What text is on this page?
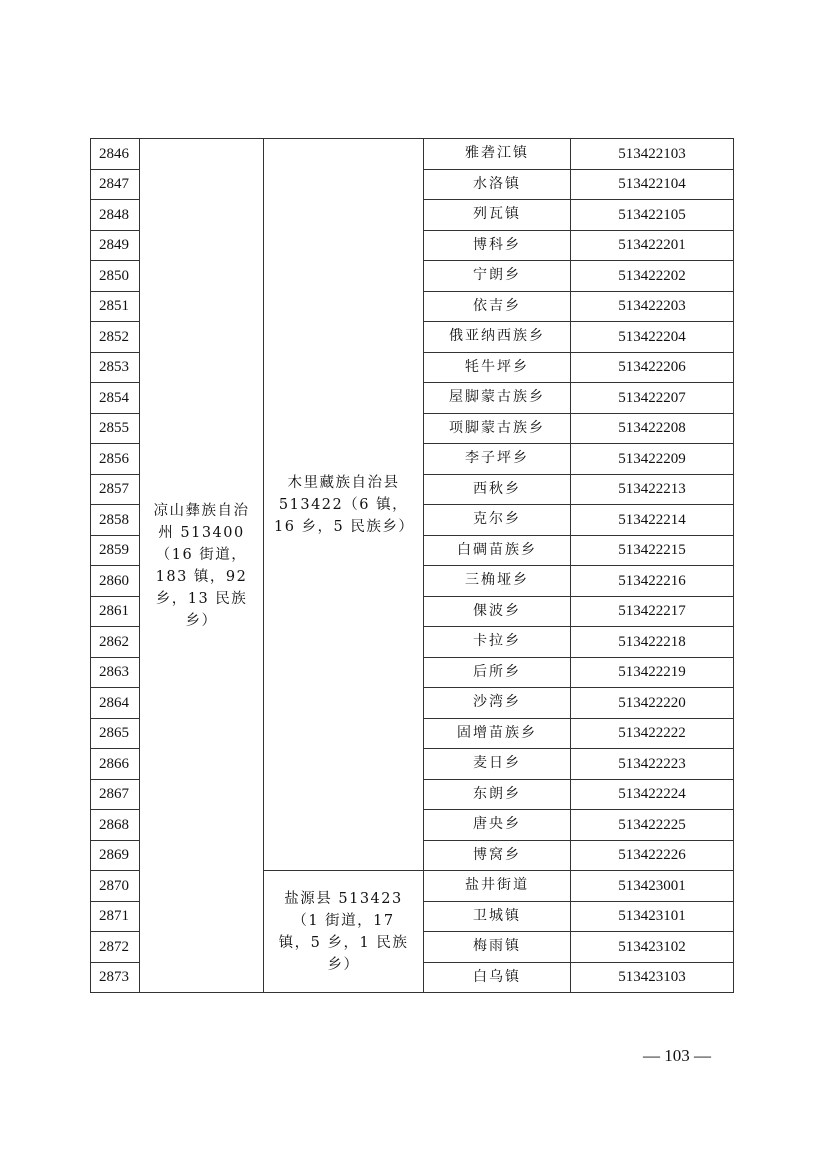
2846	凉山彝族自治州 513400（16 街道，183 镇，92 乡，13 民族乡）	木里藏族自治县 513422（6 镇，16 乡，5 民族乡）	雅砻江镇	513422103
2847			水洛镇	513422104
2848			列瓦镇	513422105
2849			博科乡	513422201
2850			宁朗乡	513422202
2851			依吉乡	513422203
2852			俄亚纳西族乡	513422204
2853			牦牛坪乡	513422206
2854			屋脚蒙古族乡	513422207
2855			项脚蒙古族乡	513422208
2856			李子坪乡	513422209
2857			西秋乡	513422213
2858			克尔乡	513422214
2859			白碉苗族乡	513422215
2860			三桷垭乡	513422216
2861			倮波乡	513422217
2862			卡拉乡	513422218
2863			后所乡	513422219
2864			沙湾乡	513422220
2865			固增苗族乡	513422222
2866			麦日乡	513422223
2867			东朗乡	513422224
2868			唐央乡	513422225
2869			博窝乡	513422226
2870		盐源县 513423（1 街道，17 镇，5 乡，1 民族乡）	盐井街道	513423001
2871			卫城镇	513423101
2872			梅雨镇	513423102
2873			白乌镇	513423103
— 103 —
